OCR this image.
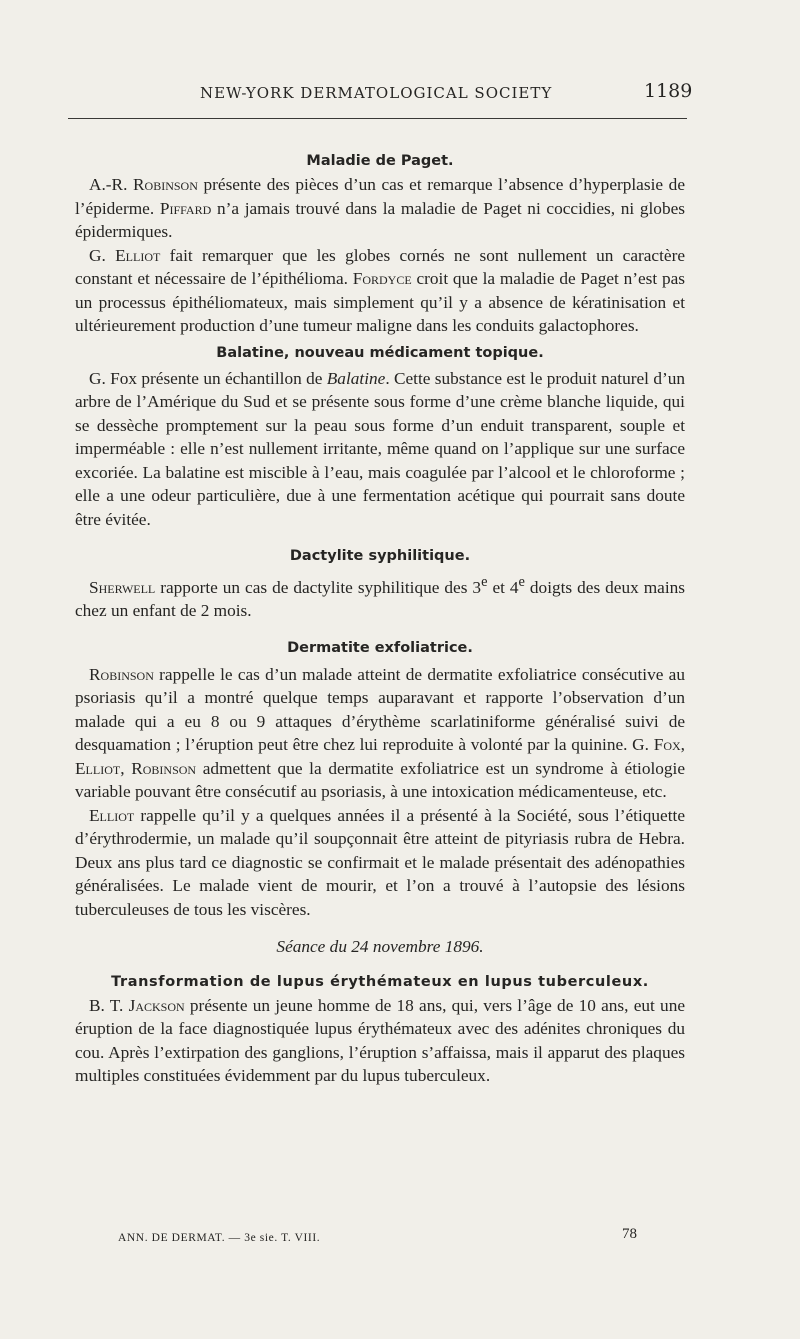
NEW-YORK DERMATOLOGICAL SOCIETY	1189
Maladie de Paget.

A.-R. Robinson présente des pièces d’un cas et remarque l’absence d’hyperplasie de l’épiderme. Piffard n’a jamais trouvé dans la maladie de Paget ni coccidies, ni globes épidermiques.

G. Elliot fait remarquer que les globes cornés ne sont nullement un caractère constant et nécessaire de l’épithélioma. Fordyce croit que la maladie de Paget n’est pas un processus épithéliomateux, mais simplement qu’il y a absence de kératinisation et ultérieurement production d’une tumeur maligne dans les conduits galactophores.

Balatine, nouveau médicament topique.

G. Fox présente un échantillon de Balatine. Cette substance est le produit naturel d’un arbre de l’Amérique du Sud et se présente sous forme d’une crème blanche liquide, qui se dessèche promptement sur la peau sous forme d’un enduit transparent, souple et imperméable : elle n’est nullement irritante, même quand on l’applique sur une surface excoriée. La balatine est miscible à l’eau, mais coagulée par l’alcool et le chloroforme ; elle a une odeur particulière, due à une fermentation acétique qui pourrait sans doute être évitée.

Dactylite syphilitique.

Sherwell rapporte un cas de dactylite syphilitique des 3e et 4e doigts des deux mains chez un enfant de 2 mois.

Dermatite exfoliatrice.

Robinson rappelle le cas d’un malade atteint de dermatite exfoliatrice consécutive au psoriasis qu’il a montré quelque temps auparavant et rapporte l’observation d’un malade qui a eu 8 ou 9 attaques d’érythème scarlatiniforme généralisé suivi de desquamation ; l’éruption peut être chez lui reproduite à volonté par la quinine. G. Fox, Elliot, Robinson admettent que la dermatite exfoliatrice est un syndrome à étiologie variable pouvant être consécutif au psoriasis, à une intoxication médicamenteuse, etc.

Elliot rappelle qu’il y a quelques années il a présenté à la Société, sous l’étiquette d’érythrodermie, un malade qu’il soupçonnait être atteint de pityriasis rubra de Hebra. Deux ans plus tard ce diagnostic se confirmait et le malade présentait des adénopathies généralisées. Le malade vient de mourir, et l’on a trouvé à l’autopsie des lésions tuberculeuses de tous les viscères.

Séance du 24 novembre 1896.

Transformation de lupus érythémateux en lupus tuberculeux.

B. T. Jackson présente un jeune homme de 18 ans, qui, vers l’âge de 10 ans, eut une éruption de la face diagnostiquée lupus érythémateux avec des adénites chroniques du cou. Après l’extirpation des ganglions, l’éruption s’affaissa, mais il apparut des plaques multiples constituées évidemment par du lupus tuberculeux.

ANN. DE DERMAT. — 3e sie. T. VIII.	78
